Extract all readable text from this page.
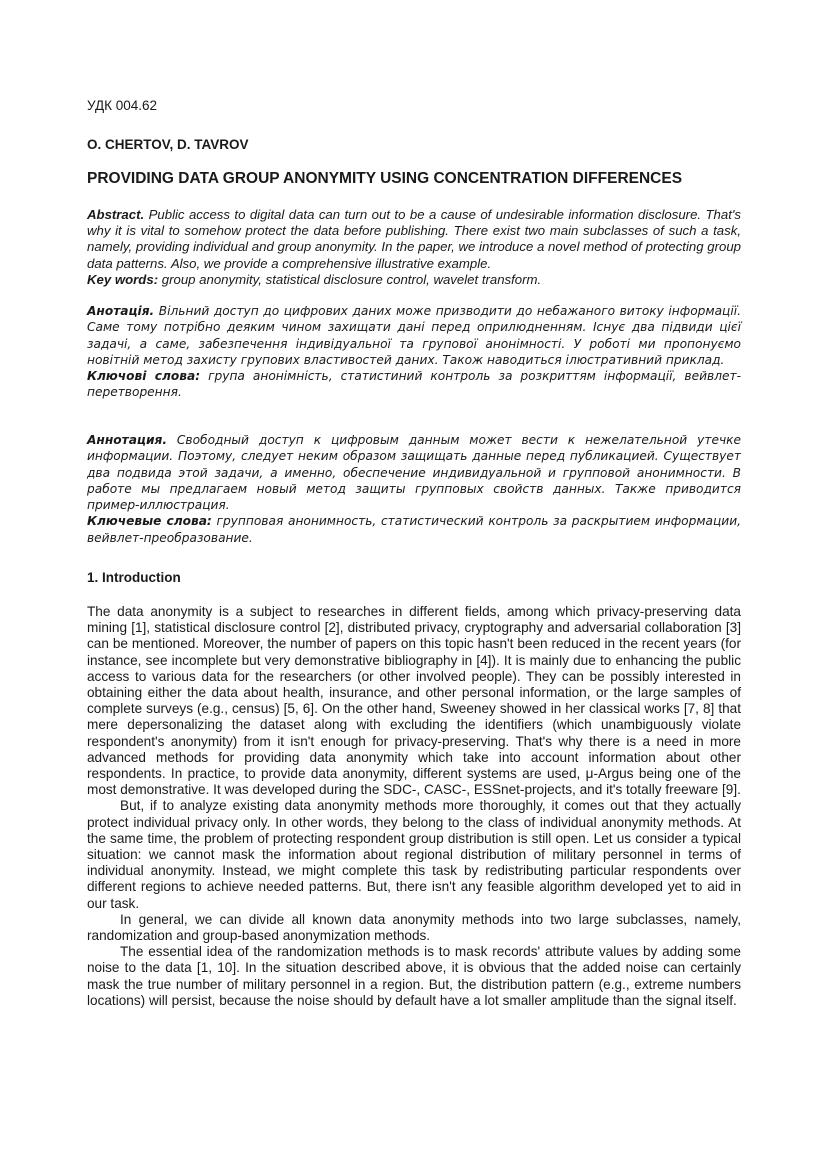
УДК 004.62
O. CHERTOV, D. TAVROV
PROVIDING DATA GROUP ANONYMITY USING CONCENTRATION DIFFERENCES
Abstract. Public access to digital data can turn out to be a cause of undesirable information disclosure. That's why it is vital to somehow protect the data before publishing. There exist two main subclasses of such a task, namely, providing individual and group anonymity. In the paper, we introduce a novel method of protecting group data patterns. Also, we provide a comprehensive illustrative example.
Key words: group anonymity, statistical disclosure control, wavelet transform.
Анотація. Вільний доступ до цифрових даних може призводити до небажаного витоку інформації. Саме тому потрібно деяким чином захищати дані перед оприлюдненням. Існує два підвиди цієї задачі, а саме, забезпечення індивідуальної та групової анонімності. У роботі ми пропонуємо новітній метод захисту групових властивостей даних. Також наводиться ілюстративний приклад.
Ключові слова: група анонімність, статистиний контроль за розкриттям інформації, вейвлет-перетворення.
Аннотация. Свободный доступ к цифровым данным может вести к нежелательной утечке информации. Поэтому, следует неким образом защищать данные перед публикацией. Существует два подвида этой задачи, а именно, обеспечение индивидуальной и групповой анонимности. В работе мы предлагаем новый метод защиты групповых свойств данных. Также приводится пример-иллюстрация.
Ключевые слова: групповая анонимность, статистический контроль за раскрытием информации, вейвлет-преобразование.
1. Introduction

The data anonymity is a subject to researches in different fields, among which privacy-preserving data mining [1], statistical disclosure control [2], distributed privacy, cryptography and adversarial collaboration [3] can be mentioned. Moreover, the number of papers on this topic hasn't been reduced in the recent years (for instance, see incomplete but very demonstrative bibliography in [4]). It is mainly due to enhancing the public access to various data for the researchers (or other involved people). They can be possibly interested in obtaining either the data about health, insurance, and other personal information, or the large samples of complete surveys (e.g., census) [5, 6]. On the other hand, Sweeney showed in her classical works [7, 8] that mere depersonalizing the dataset along with excluding the identifiers (which unambiguously violate respondent's anonymity) from it isn't enough for privacy-preserving. That's why there is a need in more advanced methods for providing data anonymity which take into account information about other respondents. In practice, to provide data anonymity, different systems are used, μ-Argus being one of the most demonstrative. It was developed during the SDC-, CASC-, ESSnet-projects, and it's totally freeware [9].

But, if to analyze existing data anonymity methods more thoroughly, it comes out that they actually protect individual privacy only. In other words, they belong to the class of individual anonymity methods. At the same time, the problem of protecting respondent group distribution is still open. Let us consider a typical situation: we cannot mask the information about regional distribution of military personnel in terms of individual anonymity. Instead, we might complete this task by redistributing particular respondents over different regions to achieve needed patterns. But, there isn't any feasible algorithm developed yet to aid in our task.

In general, we can divide all known data anonymity methods into two large subclasses, namely, randomization and group-based anonymization methods.

The essential idea of the randomization methods is to mask records' attribute values by adding some noise to the data [1, 10]. In the situation described above, it is obvious that the added noise can certainly mask the true number of military personnel in a region. But, the distribution pattern (e.g., extreme numbers locations) will persist, because the noise should by default have a lot smaller amplitude than the signal itself.
